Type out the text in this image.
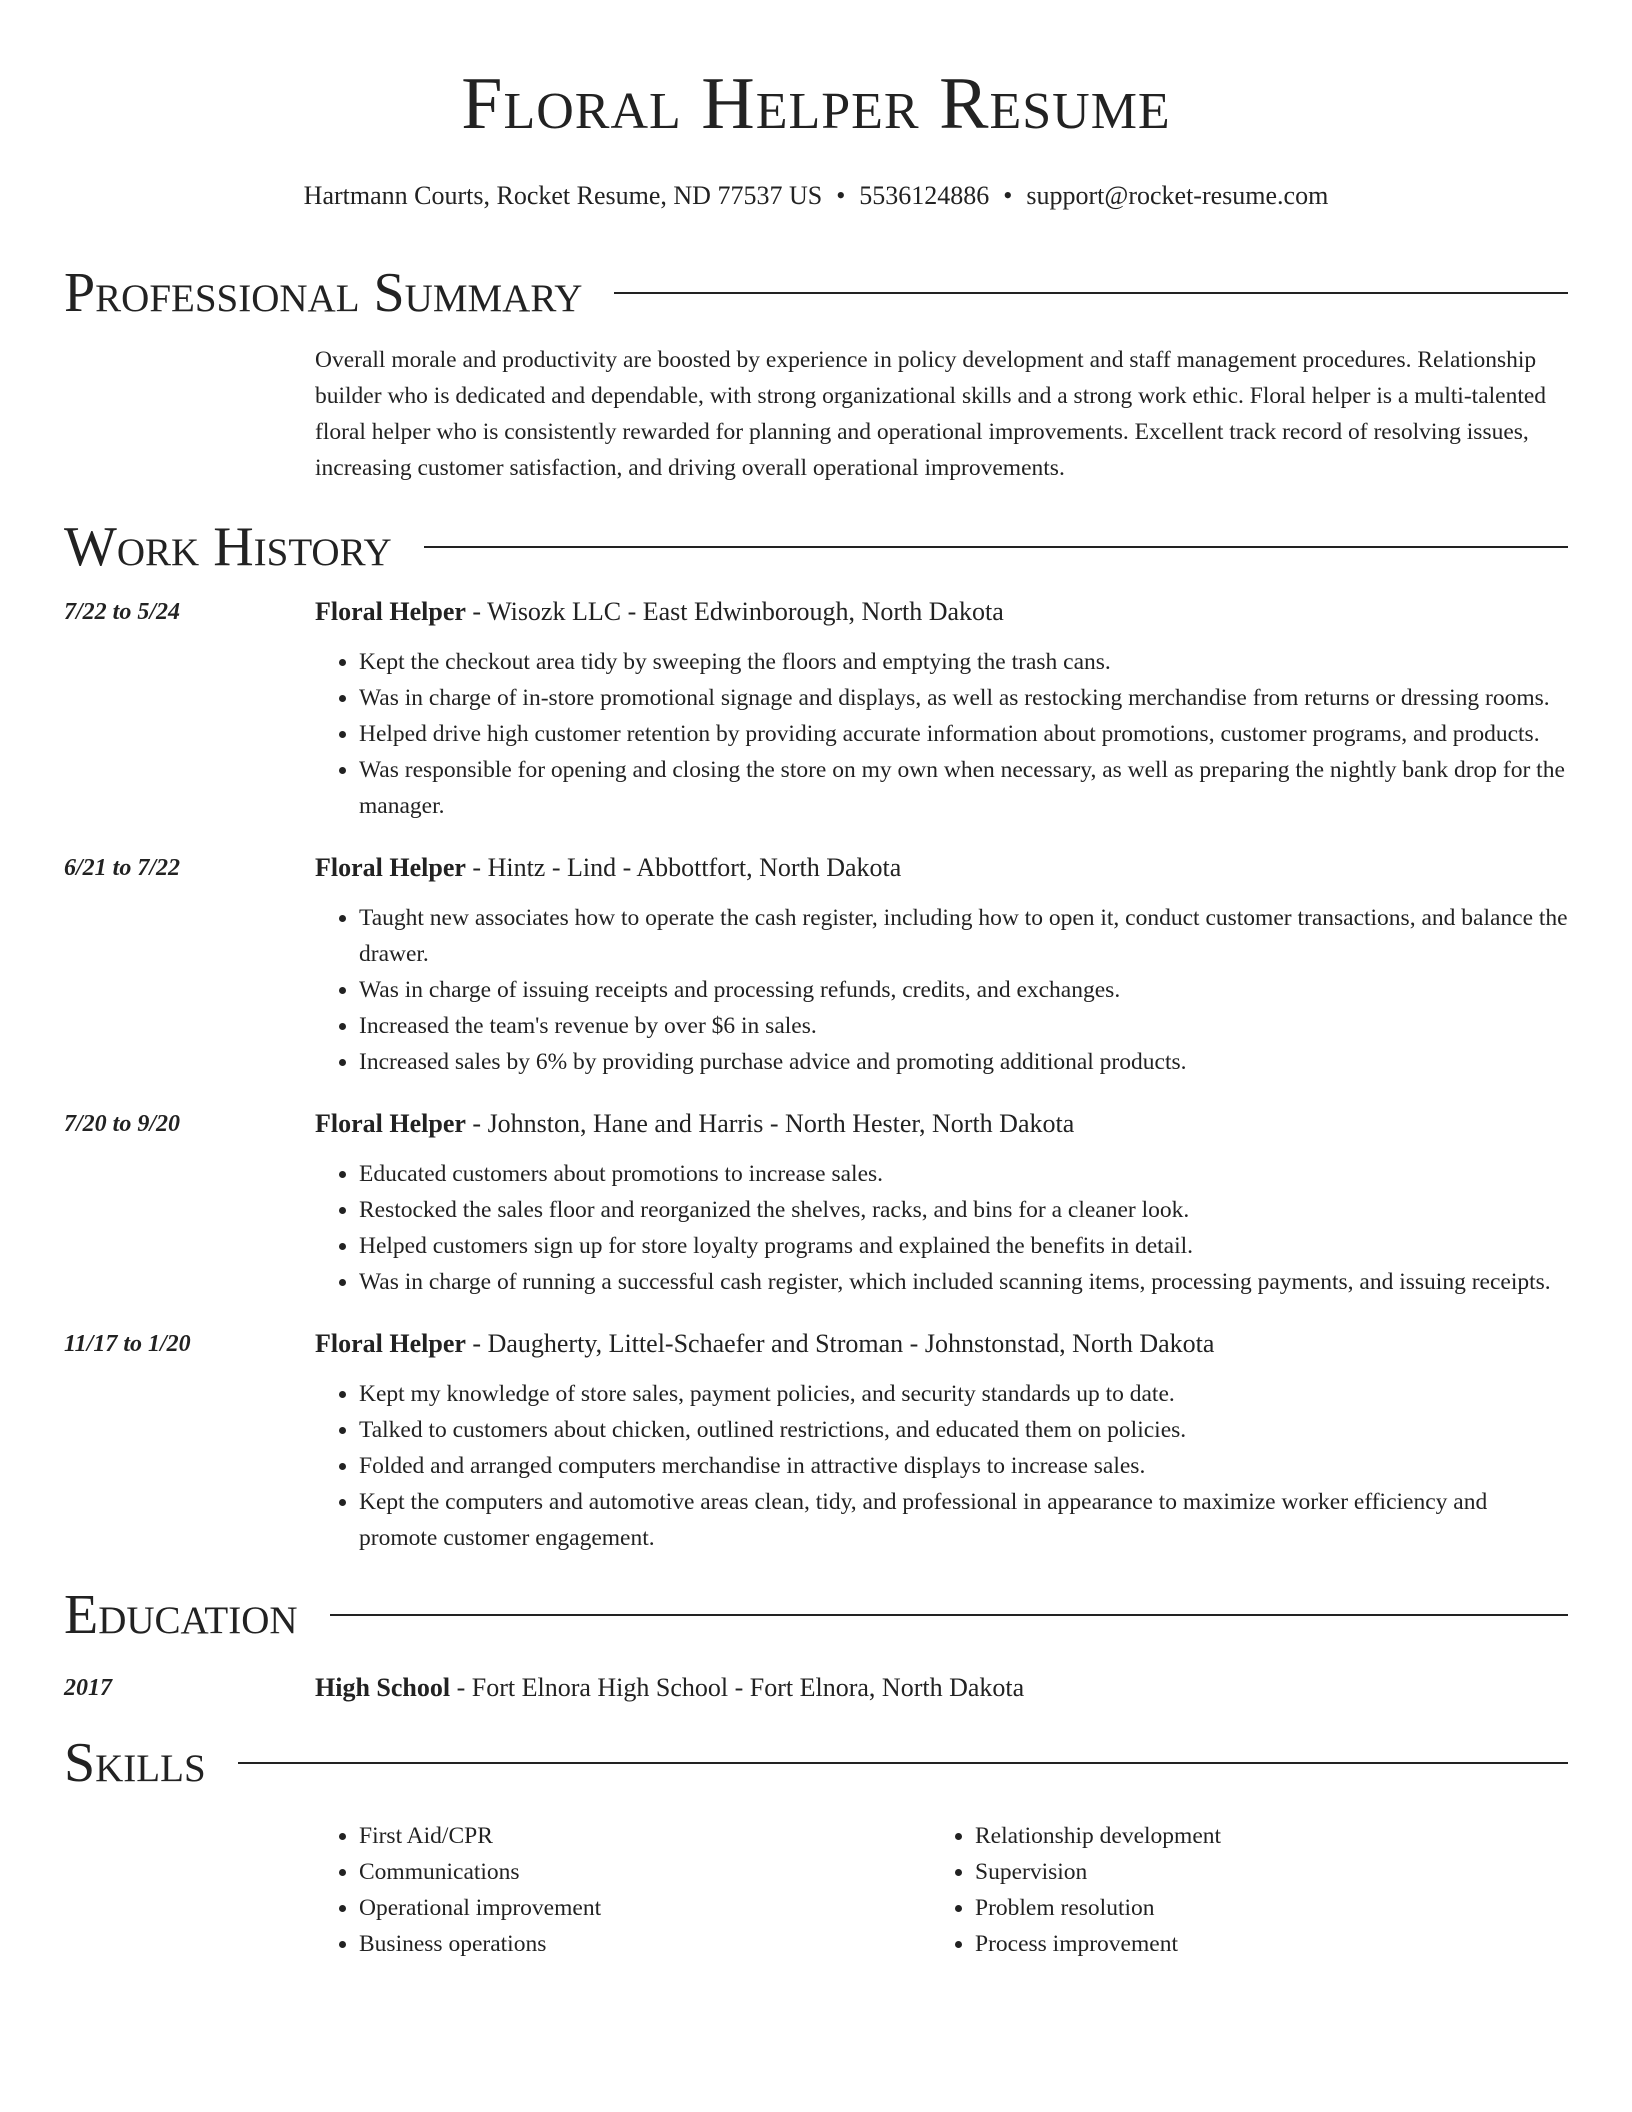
Floral Helper Resume
Hartmann Courts, Rocket Resume, ND 77537 US • 5536124886 • support@rocket-resume.com
Professional Summary
Overall morale and productivity are boosted by experience in policy development and staff management procedures. Relationship builder who is dedicated and dependable, with strong organizational skills and a strong work ethic. Floral helper is a multi-talented floral helper who is consistently rewarded for planning and operational improvements. Excellent track record of resolving issues, increasing customer satisfaction, and driving overall operational improvements.
Work History
7/22 to 5/24	Floral Helper - Wisozk LLC - East Edwinborough, North Dakota
• Kept the checkout area tidy by sweeping the floors and emptying the trash cans.
• Was in charge of in-store promotional signage and displays, as well as restocking merchandise from returns or dressing rooms.
• Helped drive high customer retention by providing accurate information about promotions, customer programs, and products.
• Was responsible for opening and closing the store on my own when necessary, as well as preparing the nightly bank drop for the manager.
6/21 to 7/22	Floral Helper - Hintz - Lind - Abbottfort, North Dakota
• Taught new associates how to operate the cash register, including how to open it, conduct customer transactions, and balance the drawer.
• Was in charge of issuing receipts and processing refunds, credits, and exchanges.
• Increased the team's revenue by over $6 in sales.
• Increased sales by 6% by providing purchase advice and promoting additional products.
7/20 to 9/20	Floral Helper - Johnston, Hane and Harris - North Hester, North Dakota
• Educated customers about promotions to increase sales.
• Restocked the sales floor and reorganized the shelves, racks, and bins for a cleaner look.
• Helped customers sign up for store loyalty programs and explained the benefits in detail.
• Was in charge of running a successful cash register, which included scanning items, processing payments, and issuing receipts.
11/17 to 1/20	Floral Helper - Daugherty, Littel-Schaefer and Stroman - Johnstonstad, North Dakota
• Kept my knowledge of store sales, payment policies, and security standards up to date.
• Talked to customers about chicken, outlined restrictions, and educated them on policies.
• Folded and arranged computers merchandise in attractive displays to increase sales.
• Kept the computers and automotive areas clean, tidy, and professional in appearance to maximize worker efficiency and promote customer engagement.
Education
2017	High School - Fort Elnora High School - Fort Elnora, North Dakota
Skills
• First Aid/CPR
• Communications
• Operational improvement
• Business operations
• Relationship development
• Supervision
• Problem resolution
• Process improvement
